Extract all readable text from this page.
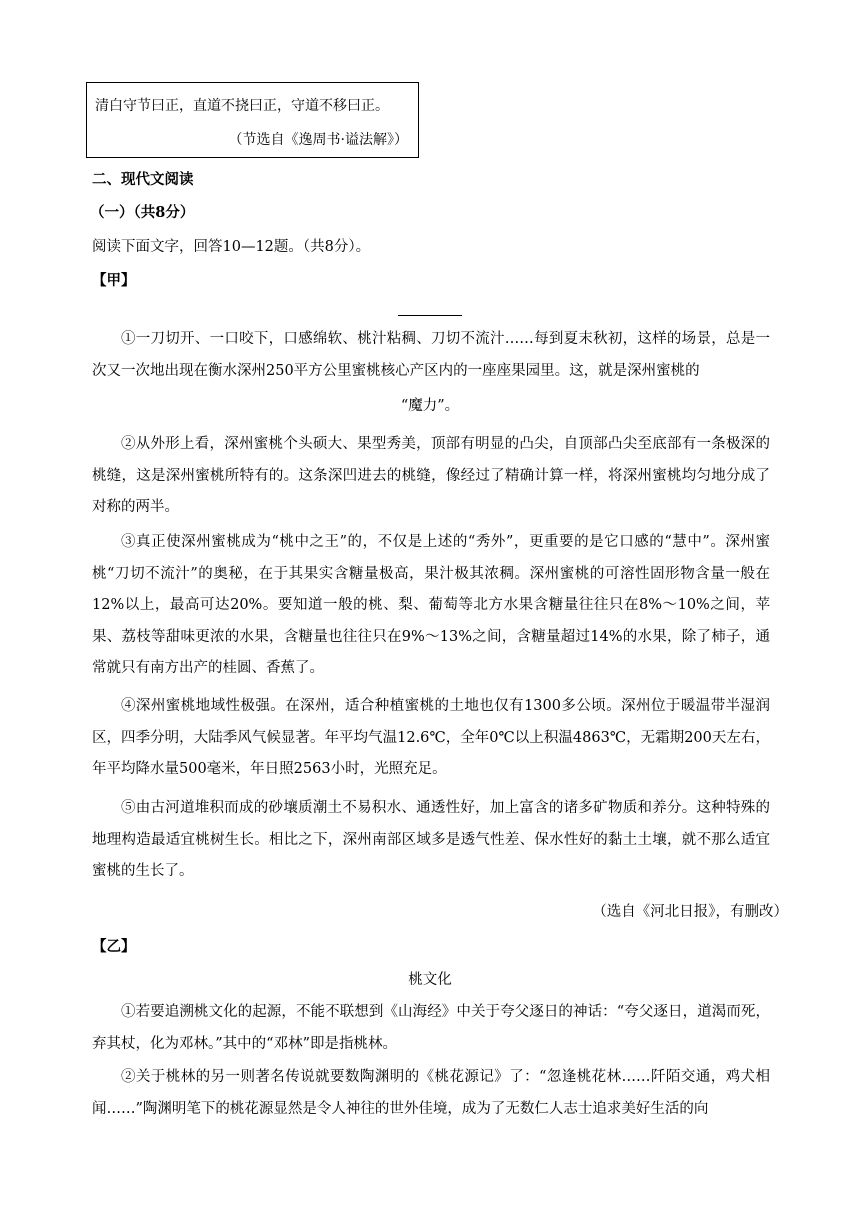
清白守节曰正，直道不挠曰正，守道不移曰正。
（节选自《逸周书·谥法解》）
二、现代文阅读
（一）（共8分）
阅读下面文字，回答10—12题。（共8分）。
【甲】
①一刀切开、一口咬下，口感绵软、桃汁粘稠、刀切不流汁……每到夏末秋初，这样的场景，总是一次又一次地出现在衡水深州250平方公里蜜桃核心产区内的一座座果园里。这，就是深州蜜桃的
“魔力”。
②从外形上看，深州蜜桃个头硕大、果型秀美，顶部有明显的凸尖，自顶部凸尖至底部有一条极深的桃缝，这是深州蜜桃所特有的。这条深凹进去的桃缝，像经过了精确计算一样，将深州蜜桃均匀地分成了对称的两半。
③真正使深州蜜桃成为“桃中之王”的，不仅是上述的“秀外”，更重要的是它口感的“慧中”。深州蜜桃“刀切不流汁”的奥秘，在于其果实含糖量极高，果汁极其浓稠。深州蜜桃的可溶性固形物含量一般在12%以上，最高可达20%。要知道一般的桃、梨、葡萄等北方水果含糖量往往只在8%～10%之间，苹果、荔枝等甜味更浓的水果，含糖量也往往只在9%～13%之间，含糖量超过14%的水果，除了柿子，通常就只有南方出产的桂圆、香蕉了。
④深州蜜桃地域性极强。在深州，适合种植蜜桃的土地也仅有1300多公顷。深州位于暖温带半湿润区，四季分明，大陆季风气候显著。年平均气温12.6℃，全年0℃以上积温4863℃，无霜期200天左右，年平均降水量500毫米，年日照2563小时，光照充足。
⑤由古河道堆积而成的砂壤质潮土不易积水、通透性好，加上富含的诸多矿物质和养分。这种特殊的地理构造最适宜桃树生长。相比之下，深州南部区域多是透气性差、保水性好的黏土土壤，就不那么适宜蜜桃的生长了。
（选自《河北日报》，有删改）
【乙】
桃文化
①若要追溯桃文化的起源，不能不联想到《山海经》中关于夸父逐日的神话：“夸父逐日，道渴而死，弃其杖，化为邓林。”其中的“邓林”即是指桃林。
②关于桃林的另一则著名传说就要数陶渊明的《桃花源记》了：“忽逢桃花林……阡陌交通，鸡犬相闻……”陶渊明笔下的桃花源显然是令人神往的世外佳境，成为了无数仁人志士追求美好生活的向
